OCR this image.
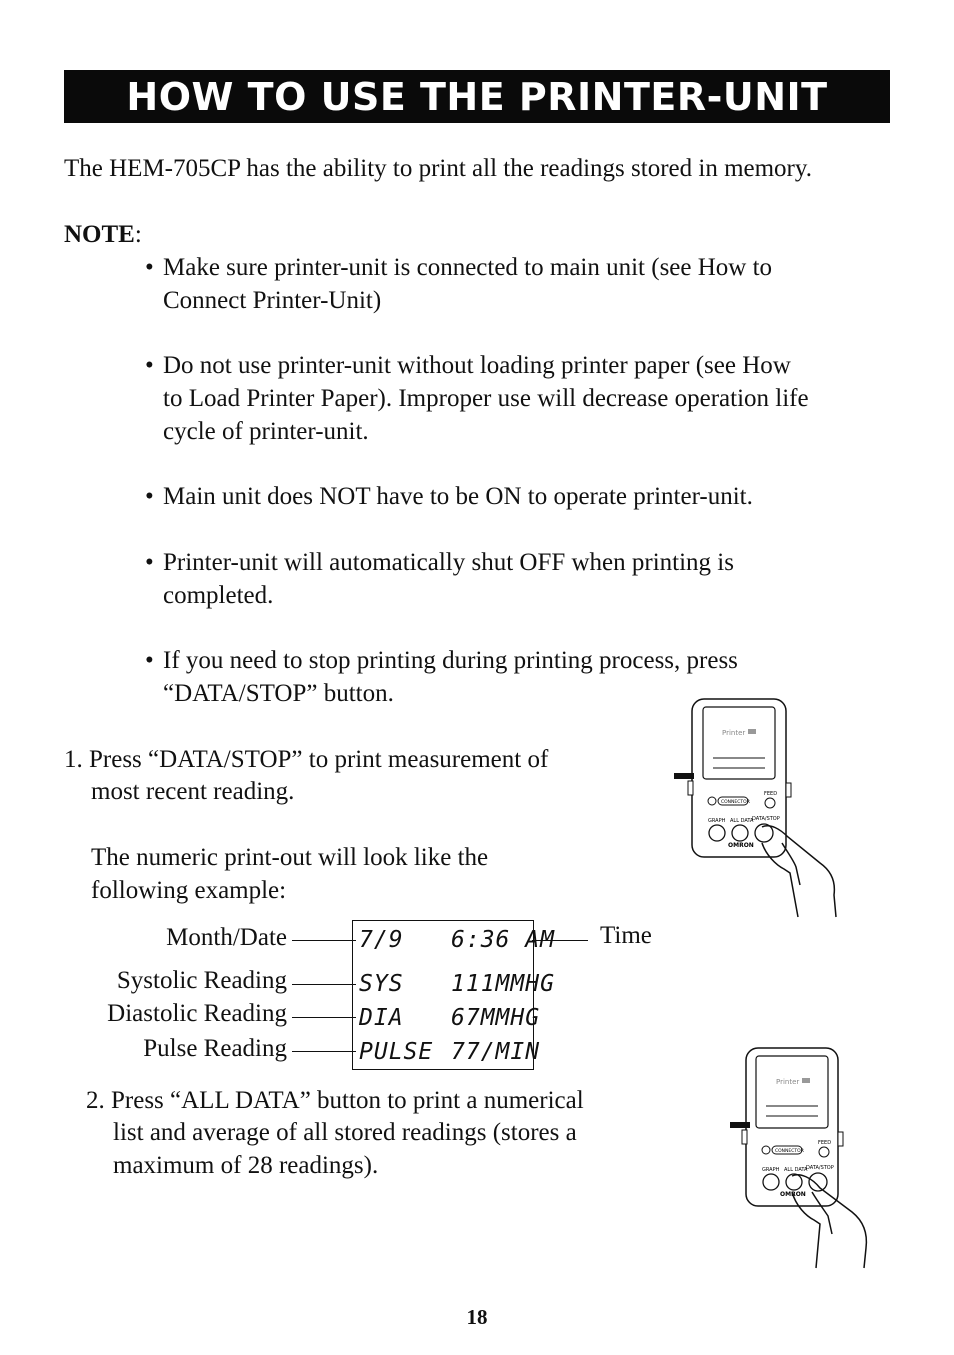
HOW TO USE THE PRINTER-UNIT
The HEM-705CP has the ability to print all the readings stored in memory.
NOTE:
• Make sure printer-unit is connected to main unit (see How to
Connect Printer-Unit)
• Do not use printer-unit without loading printer paper (see How
to Load Printer Paper). Improper use will decrease operation life
cycle of printer-unit.
• Main unit does NOT have to be ON to operate printer-unit.
• Printer-unit will automatically shut OFF when printing is
completed.
• If you need to stop printing during printing process, press
“DATA/STOP” button.
1. Press “DATA/STOP” to print measurement of
most recent reading.
The numeric print-out will look like the
following example:
Month/Date
Systolic Reading
Diastolic Reading
Pulse Reading
Time
7/9 6:36 AM
SYS 111MMHG
DIA 67MMHG
PULSE 77/MIN
2. Press “ALL DATA” button to print a numerical
list and average of all stored readings (stores a
maximum of 28 readings).
Printer
CONNECTOR
FEED
GRAPH ALL DATA
DATA/STOP
OMRON
Printer
CONNECTOR
FEED
GRAPH ALL DATA
DATA/STOP
OMRON
18
